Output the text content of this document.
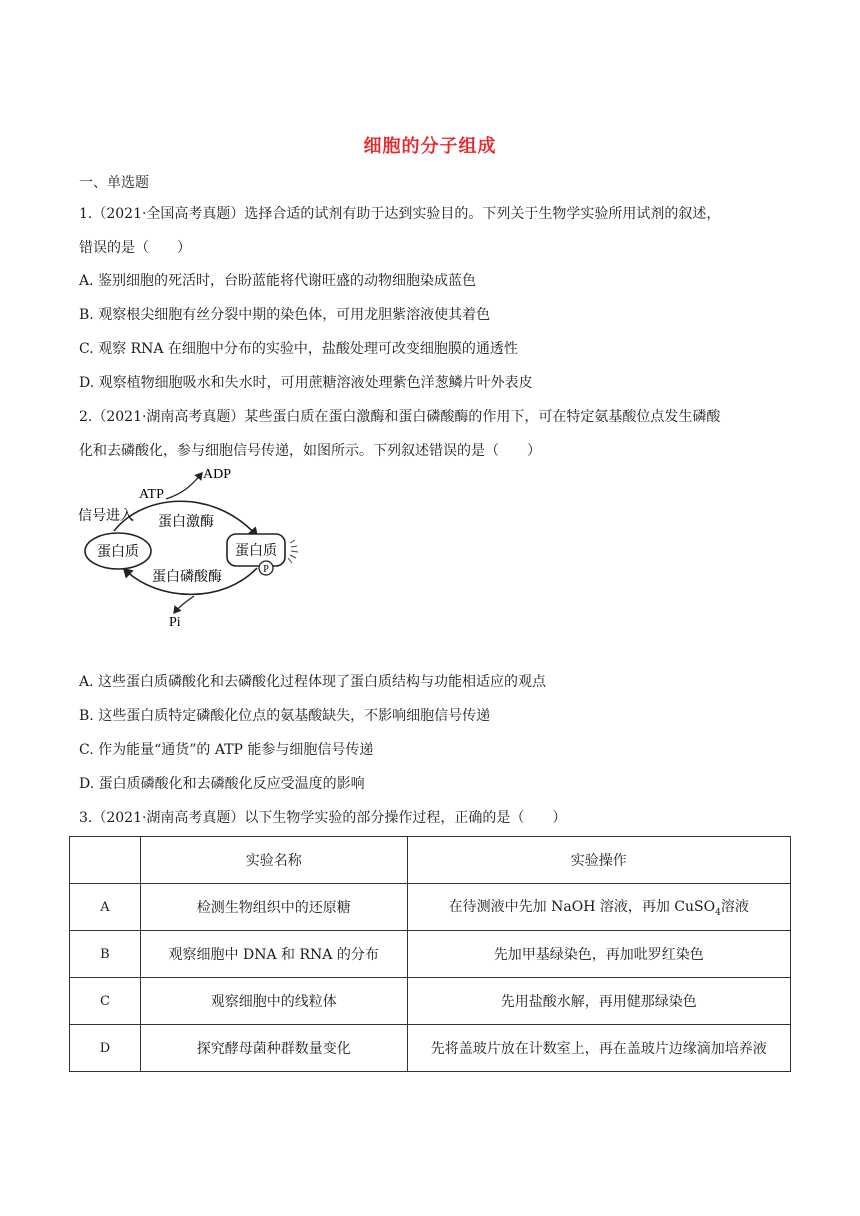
细胞的分子组成
一、单选题
1.（2021·全国高考真题）选择合适的试剂有助于达到实验目的。下列关于生物学实验所用试剂的叙述，
错误的是（　　）
A. 鉴别细胞的死活时，台盼蓝能将代谢旺盛的动物细胞染成蓝色
B. 观察根尖细胞有丝分裂中期的染色体，可用龙胆紫溶液使其着色
C. 观察 RNA 在细胞中分布的实验中，盐酸处理可改变细胞膜的通透性
D. 观察植物细胞吸水和失水时，可用蔗糖溶液处理紫色洋葱鳞片叶外表皮
2.（2021·湖南高考真题）某些蛋白质在蛋白激酶和蛋白磷酸酶的作用下，可在特定氨基酸位点发生磷酸
化和去磷酸化，参与细胞信号传递，如图所示。下列叙述错误的是（　　）
P
ADP
ATP
信号进入 蛋白激酶
蛋白质	蛋白质
蛋白磷酸酶
Pi
A. 这些蛋白质磷酸化和去磷酸化过程体现了蛋白质结构与功能相适应的观点
B. 这些蛋白质特定磷酸化位点的氨基酸缺失，不影响细胞信号传递
C. 作为能量“通货”的 ATP 能参与细胞信号传递
D. 蛋白质磷酸化和去磷酸化反应受温度的影响
3.（2021·湖南高考真题）以下生物学实验的部分操作过程，正确的是（　　）
	实验名称	实验操作
A	检测生物组织中的还原糖	在待测液中先加 NaOH 溶液，再加 CuSO$_4$溶液
B	观察细胞中 DNA 和 RNA 的分布	先加甲基绿染色，再加吡罗红染色
C	观察细胞中的线粒体	先用盐酸水解，再用健那绿染色
D	探究酵母菌种群数量变化	先将盖玻片放在计数室上，再在盖玻片边缘滴加培养液
